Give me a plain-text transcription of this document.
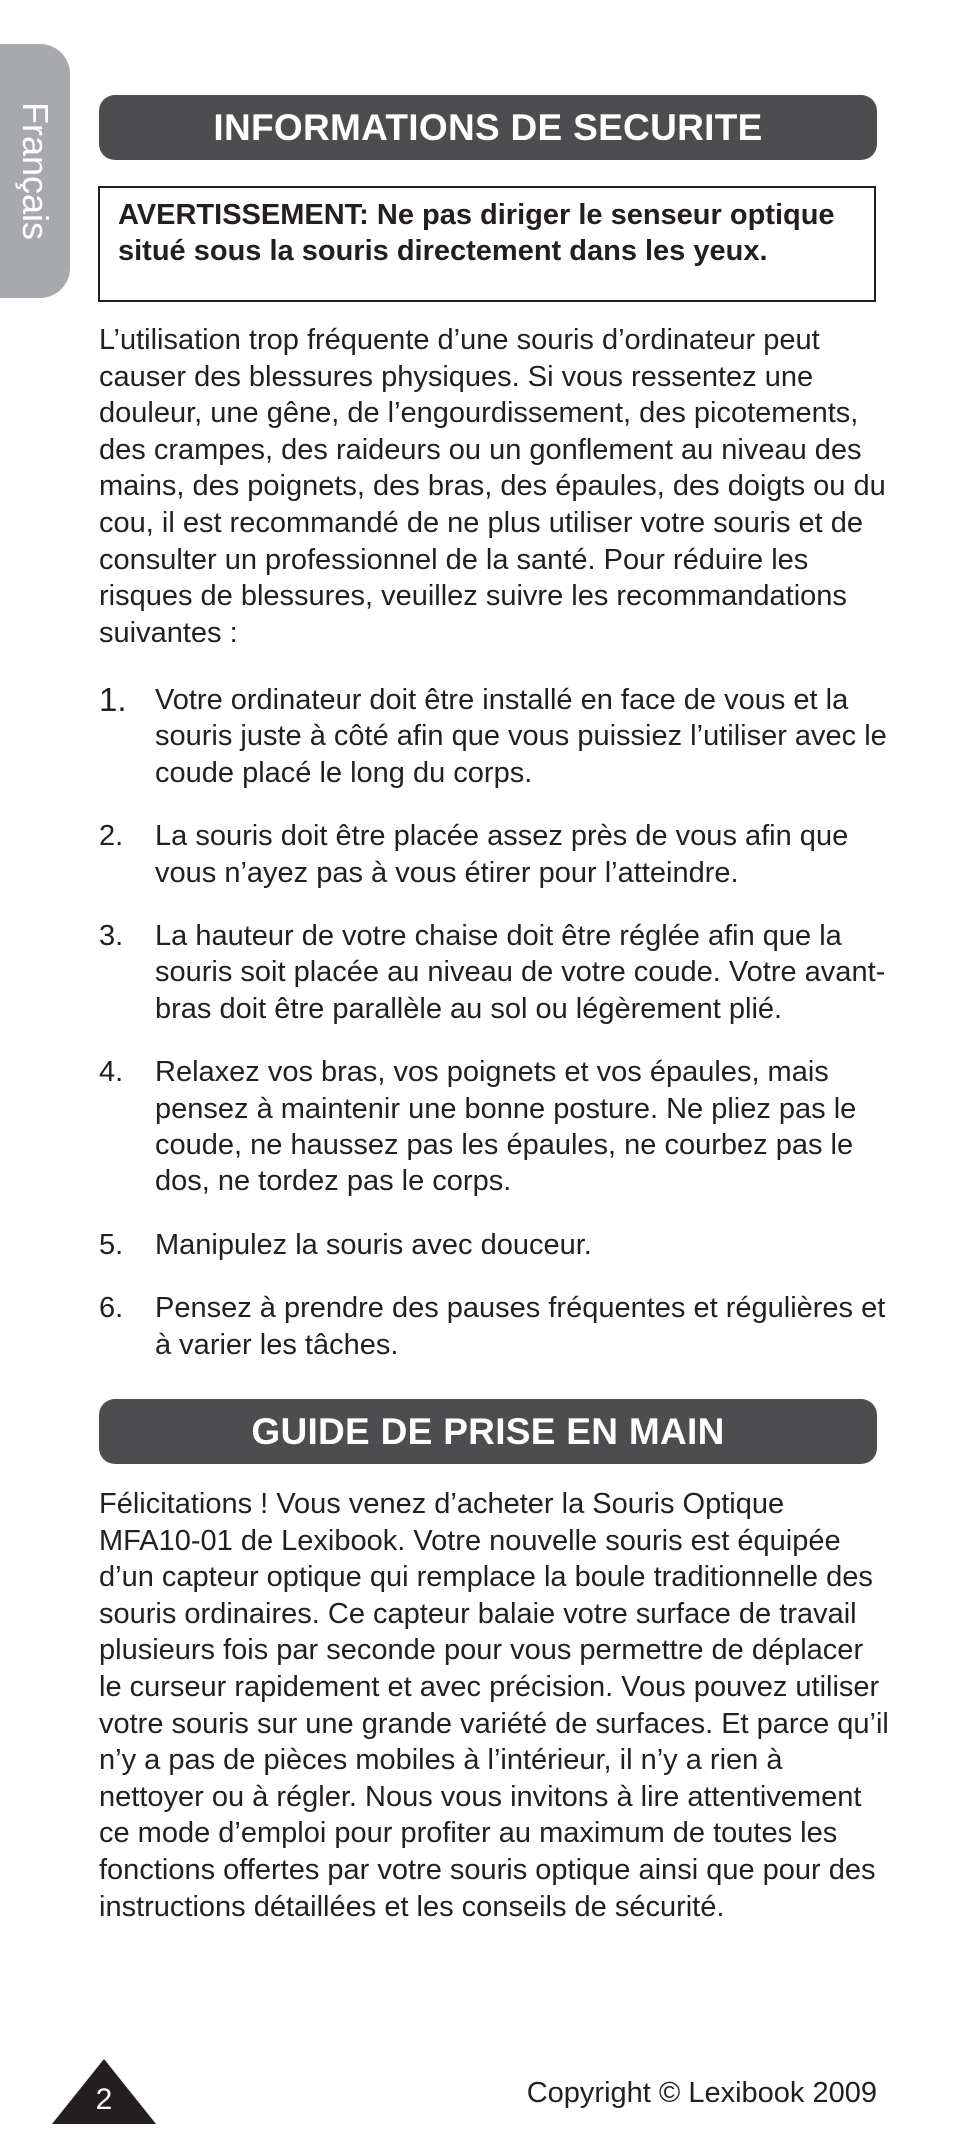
Français	INFORMATIONS DE SECURITE
AVERTISSEMENT: Ne pas diriger le senseur optique situé sous la souris directement dans les yeux.

L’utilisation trop fréquente d’une souris d’ordinateur peut causer des blessures physiques. Si vous ressentez une douleur, une gêne, de l’engourdissement, des picotements, des crampes, des raideurs ou un gonflement au niveau des mains, des poignets, des bras, des épaules, des doigts ou du cou, il est recommandé de ne plus utiliser votre souris et de consulter un professionnel de la santé. Pour réduire les risques de blessures, veuillez suivre les recommandations suivantes :

1. Votre ordinateur doit être installé en face de vous et la souris juste à côté afin que vous puissiez l’utiliser avec le coude placé le long du corps.
2.	La souris doit être placée assez près de vous afin que vous n’ayez pas à vous étirer pour l’atteindre.
3.	La hauteur de votre chaise doit être réglée afin que la souris soit placée au niveau de votre coude. Votre avant-bras doit être parallèle au sol ou légèrement plié.
4.	Relaxez vos bras, vos poignets et vos épaules, mais pensez à maintenir une bonne posture. Ne pliez pas le coude, ne haussez pas les épaules, ne courbez pas le dos, ne tordez pas le corps.
5.	Manipulez la souris avec douceur.
6.	Pensez à prendre des pauses fréquentes et régulières et à varier les tâches.
GUIDE DE PRISE EN MAIN

Félicitations ! Vous venez d’acheter la Souris Optique MFA10-01 de Lexibook. Votre nouvelle souris est équipée d’un capteur optique qui remplace la boule traditionnelle des souris ordinaires. Ce capteur balaie votre surface de travail plusieurs fois par seconde pour vous permettre de déplacer le curseur rapidement et avec précision. Vous pouvez utiliser votre souris sur une grande variété de surfaces. Et parce qu’il n’y a pas de pièces mobiles à l’intérieur, il n’y a rien à nettoyer ou à régler. Nous vous invitons à lire attentivement ce mode d’emploi pour profiter au maximum de toutes les fonctions offertes par votre souris optique ainsi que pour des instructions détaillées et les conseils de sécurité.

2	Copyright © Lexibook 2009
